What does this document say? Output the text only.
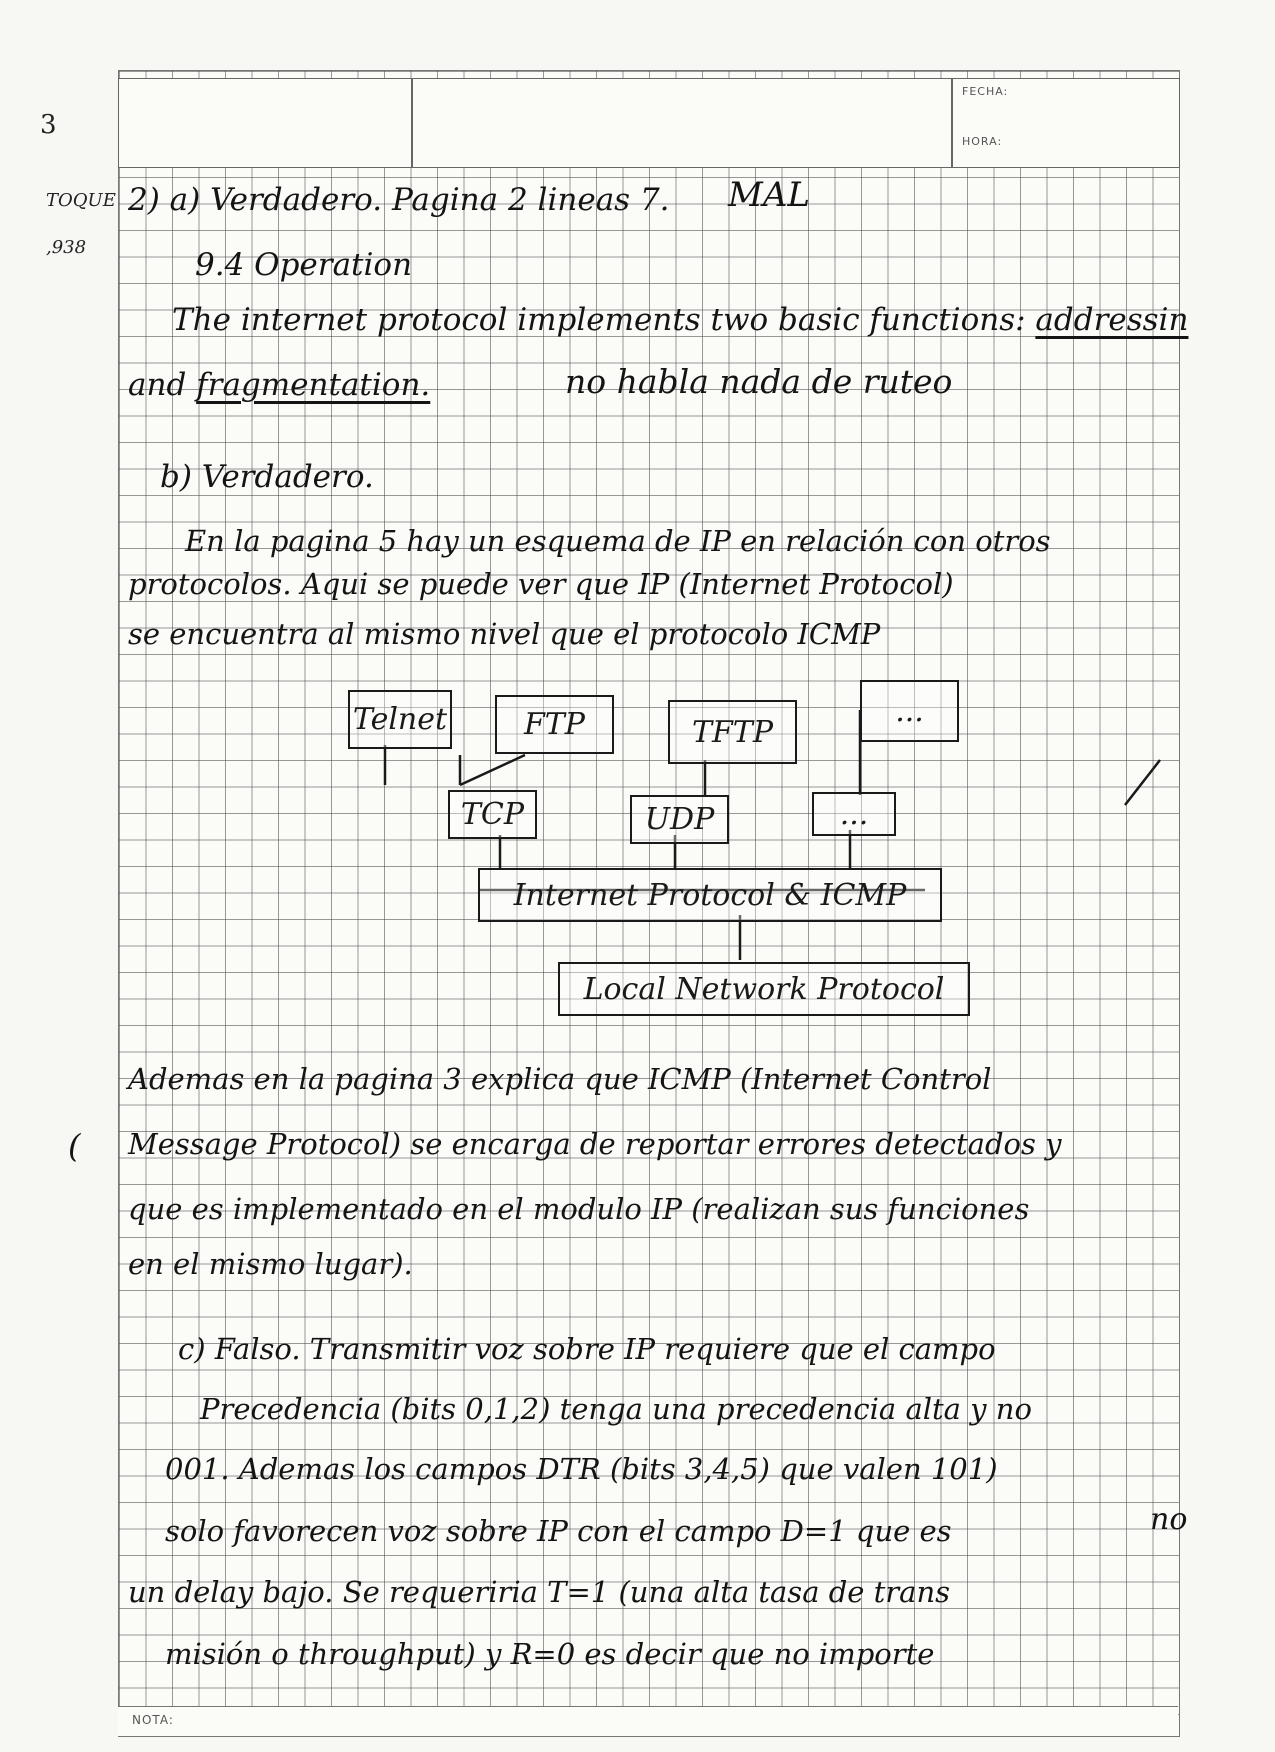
FECHA:
HORA:
3
TOQUE
,938
2) a) Verdadero. Pagina 2 lineas 7. MAL
9.4 Operation
The internet protocol implements two basic functions: addressin
and fragmentation.	no habla nada de ruteo
b) Verdadero.
En la pagina 5 hay un esquema de IP en relación con otros
protocolos. Aqui se puede ver que IP (Internet Protocol)
se encuentra al mismo nivel que el protocolo ICMP
Telnet	FTP	TFTP
...
TCP	UDP	...
Internet Protocol & ICMP
Local Network Protocol
Ademas en la pagina 3 explica que ICMP (Internet Control
( Message Protocol) se encarga de reportar errores detectados y
que es implementado en el modulo IP (realizan sus funciones
en el mismo lugar).
c) Falso. Transmitir voz sobre IP requiere que el campo
Precedencia (bits 0,1,2) tenga una precedencia alta y no
001. Ademas los campos DTR (bits 3,4,5) que valen 101)
solo favorecen voz sobre IP con el campo D=1 que es	no
un delay bajo. Se requeriria T=1 (una alta tasa de trans
misión o throughput) y R=0 es decir que no importe
NOTA:
